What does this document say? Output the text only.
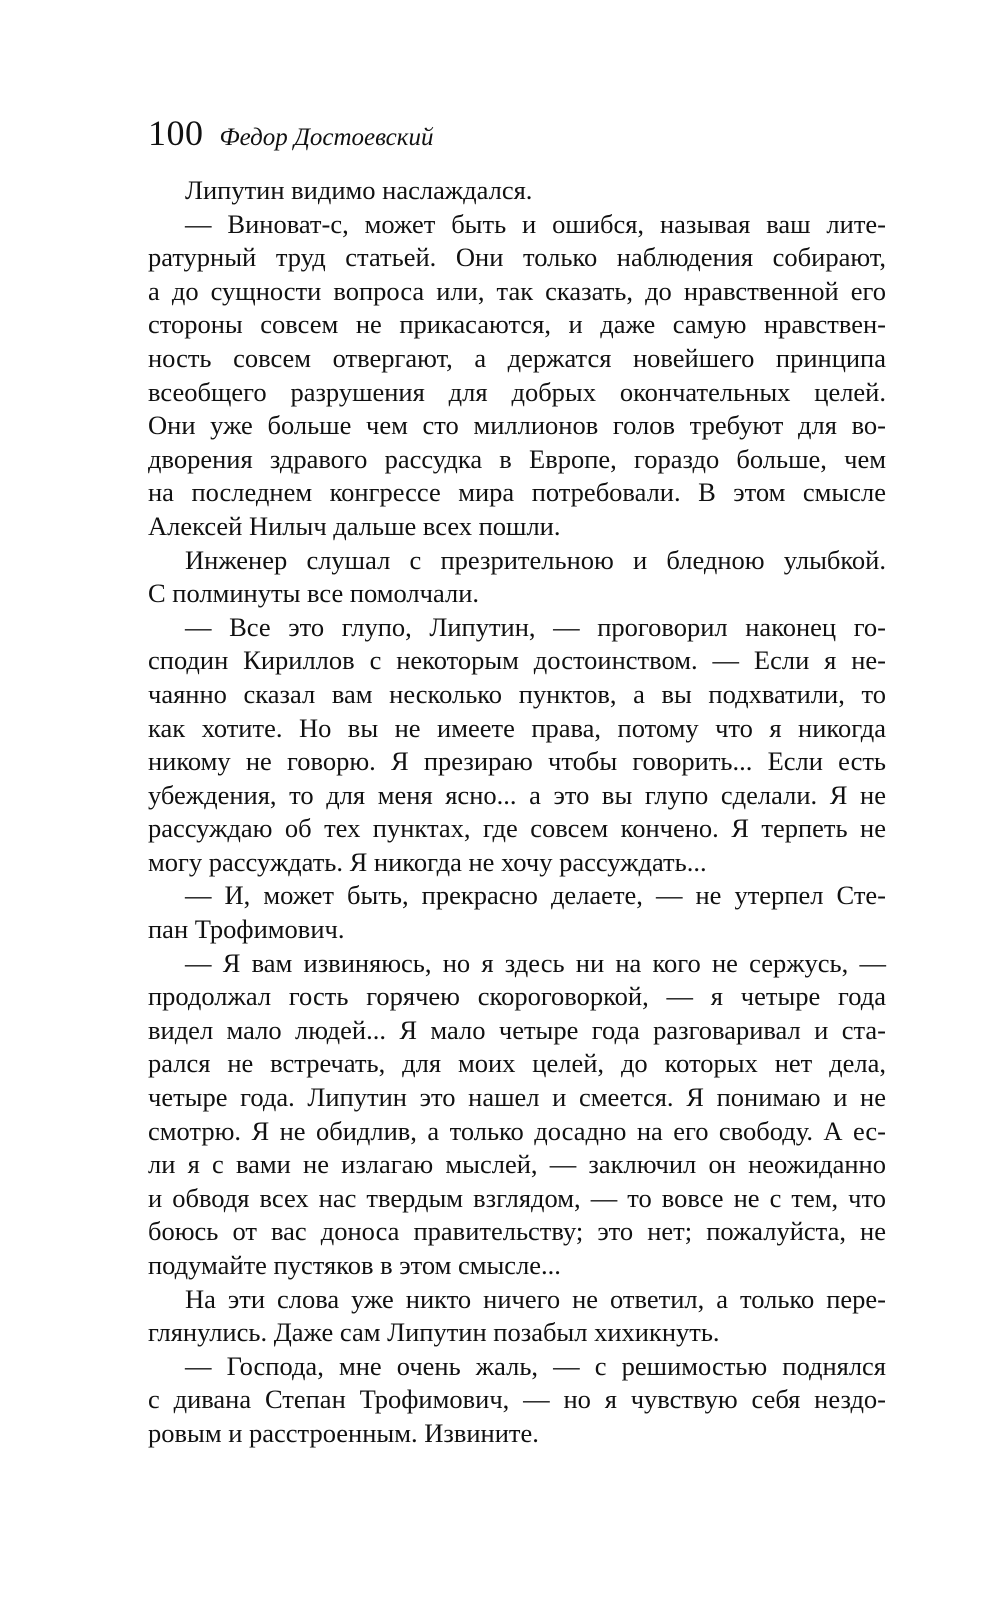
100 Федор Достоевский
Липутин видимо наслаждался.
— Виноват-с, может быть и ошибся, называя ваш лите-
ратурный труд статьей. Они только наблюдения собирают,
а до сущности вопроса или, так сказать, до нравственной его
стороны совсем не прикасаются, и даже самую нравствен-
ность совсем отвергают, а держатся новейшего принципа
всеобщего разрушения для добрых окончательных целей.
Они уже больше чем сто миллионов голов требуют для во-
дворения здравого рассудка в Европе, гораздо больше, чем
на последнем конгрессе мира потребовали. В этом смысле
Алексей Нилыч дальше всех пошли.
Инженер слушал с презрительною и бледною улыбкой.
С полминуты все помолчали.
— Все это глупо, Липутин, — проговорил наконец го-
сподин Кириллов с некоторым достоинством. — Если я не-
чаянно сказал вам несколько пунктов, а вы подхватили, то
как хотите. Но вы не имеете права, потому что я никогда
никому не говорю. Я презираю чтобы говорить... Если есть
убеждения, то для меня ясно... а это вы глупо сделали. Я не
рассуждаю об тех пунктах, где совсем кончено. Я терпеть не
могу рассуждать. Я никогда не хочу рассуждать...
— И, может быть, прекрасно делаете, — не утерпел Сте-
пан Трофимович.
— Я вам извиняюсь, но я здесь ни на кого не сержусь, —
продолжал гость горячею скороговоркой, — я четыре года
видел мало людей... Я мало четыре года разговаривал и ста-
рался не встречать, для моих целей, до которых нет дела,
четыре года. Липутин это нашел и смеется. Я понимаю и не
смотрю. Я не обидлив, а только досадно на его свободу. А ес-
ли я с вами не излагаю мыслей, — заключил он неожиданно
и обводя всех нас твердым взглядом, — то вовсе не с тем, что
боюсь от вас доноса правительству; это нет; пожалуйста, не
подумайте пустяков в этом смысле...
На эти слова уже никто ничего не ответил, а только пере-
глянулись. Даже сам Липутин позабыл хихикнуть.
— Господа, мне очень жаль, — с решимостью поднялся
с дивана Степан Трофимович, — но я чувствую себя нездо-
ровым и расстроенным. Извините.
